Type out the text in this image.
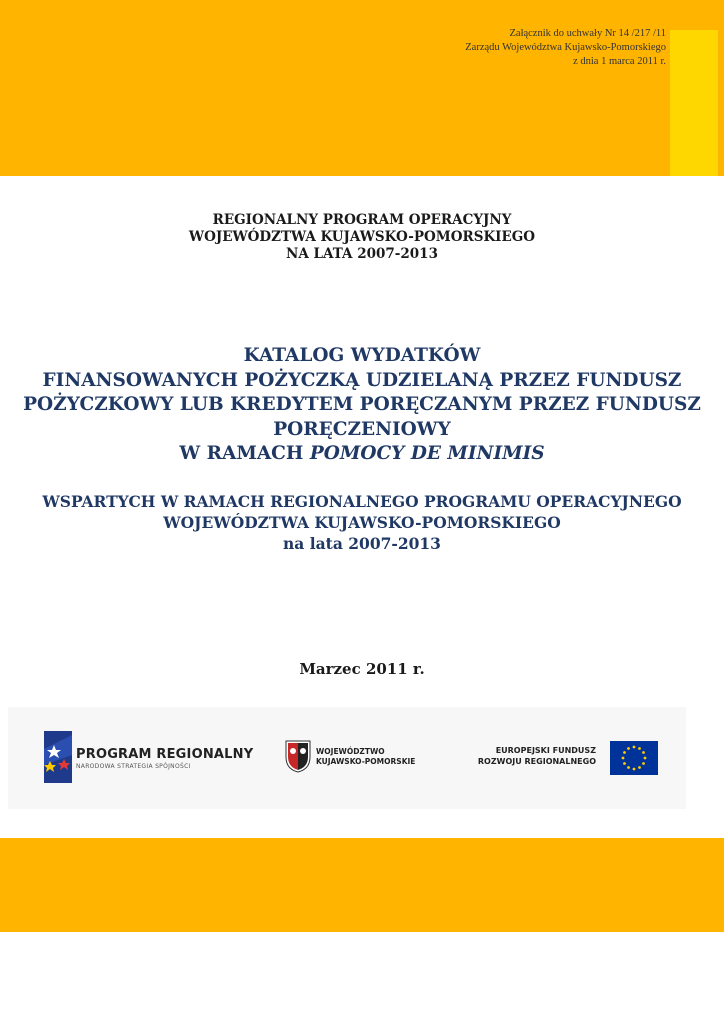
Załącznik do uchwały Nr 14 /217 /11
Zarządu Województwa Kujawsko-Pomorskiego
z dnia 1 marca 2011 r.
REGIONALNY PROGRAM OPERACYJNY
WOJEWÓDZTWA KUJAWSKO-POMORSKIEGO
NA LATA 2007-2013
KATALOG WYDATKÓW
FINANSOWANYCH POŻYCZKĄ UDZIELANĄ PRZEZ FUNDUSZ
POŻYCZKOWY LUB KREDYTEM PORĘCZANYM PRZEZ FUNDUSZ
PORĘCZENIOWY
W RAMACH POMOCY DE MINIMIS
WSPARTYCH W RAMACH REGIONALNEGO PROGRAMU OPERACYJNEGO
WOJEWÓDZTWA KUJAWSKO-POMORSKIEGO
na lata 2007-2013
Marzec 2011 r.
PROGRAM REGIONALNY
NARODOWA STRATEGIA SPÓJNOŚCI
WOJEWÓDZTWO
KUJAWSKO-POMORSKIE
EUROPEJSKI FUNDUSZ
ROZWOJU REGIONALNEGO
